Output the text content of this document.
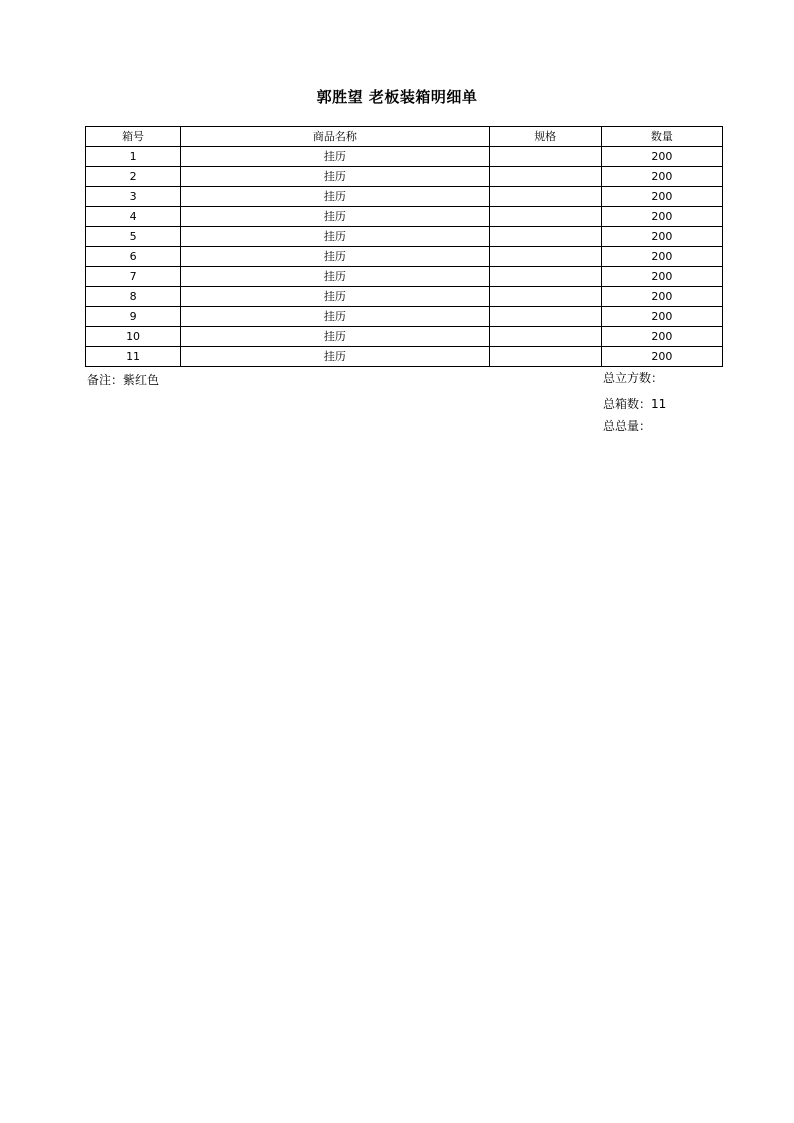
郭胜望 老板装箱明细单
箱号	商品名称	规格	数量
1	挂历		200
2	挂历		200
3	挂历		200
4	挂历		200
5	挂历		200
6	挂历		200
7	挂历		200
8	挂历		200
9	挂历		200
10	挂历		200
11	挂历		200
备注：紫红色	总立方数：
总箱数：11
总总量：
